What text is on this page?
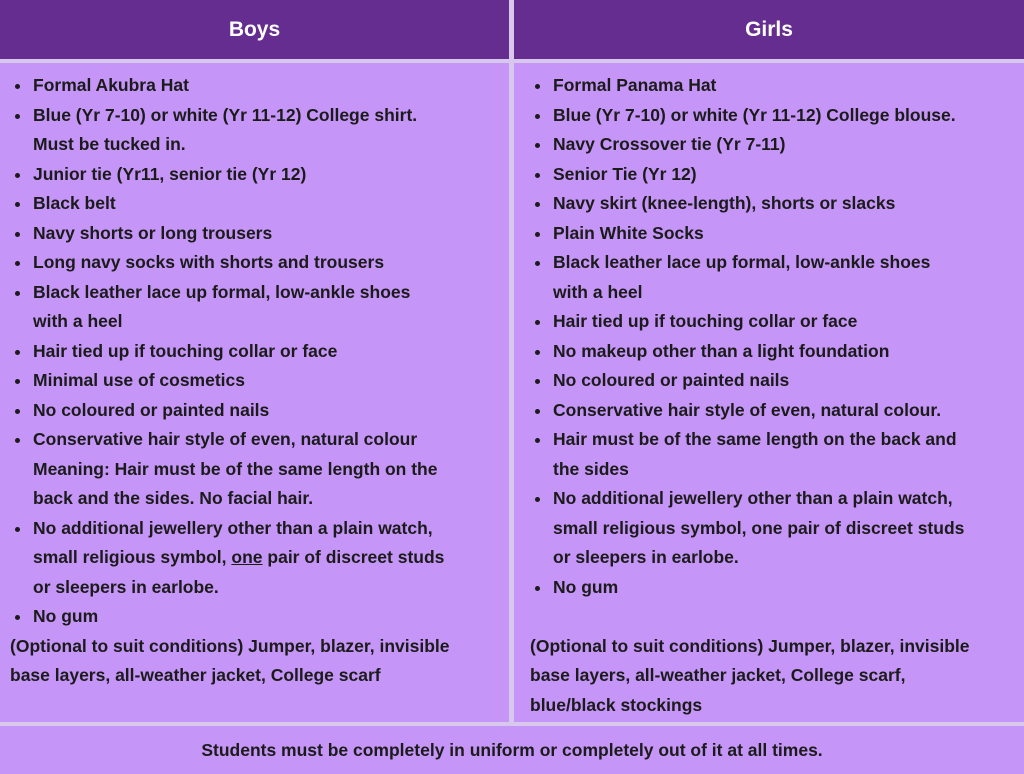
Boys	Girls
Formal Akubra Hat
Blue (Yr 7-10) or white (Yr 11-12) College shirt.
Must be tucked in.
Junior tie (Yr11, senior tie (Yr 12)
Black belt
Navy shorts or long trousers
Long navy socks with shorts and trousers
Black leather lace up formal, low-ankle shoes
with a heel
Hair tied up if touching collar or face
Minimal use of cosmetics
No coloured or painted nails
Conservative hair style of even, natural colour
Meaning: Hair must be of the same length on the
back and the sides. No facial hair.
No additional jewellery other than a plain watch,
small religious symbol, one pair of discreet studs
or sleepers in earlobe.
No gum
(Optional to suit conditions) Jumper, blazer, invisible
base layers, all-weather jacket, College scarf
Formal Panama Hat
Blue (Yr 7-10) or white (Yr 11-12) College blouse.
Navy Crossover tie (Yr 7-11)
Senior Tie (Yr 12)
Navy skirt (knee-length), shorts or slacks
Plain White Socks
Black leather lace up formal, low-ankle shoes
with a heel
Hair tied up if touching collar or face
No makeup other than a light foundation
No coloured or painted nails
Conservative hair style of even, natural colour.
Hair must be of the same length on the back and
the sides
No additional jewellery other than a plain watch,
small religious symbol, one pair of discreet studs
or sleepers in earlobe.
No gum
(Optional to suit conditions) Jumper, blazer, invisible
base layers, all-weather jacket, College scarf,
blue/black stockings
Students must be completely in uniform or completely out of it at all times.
